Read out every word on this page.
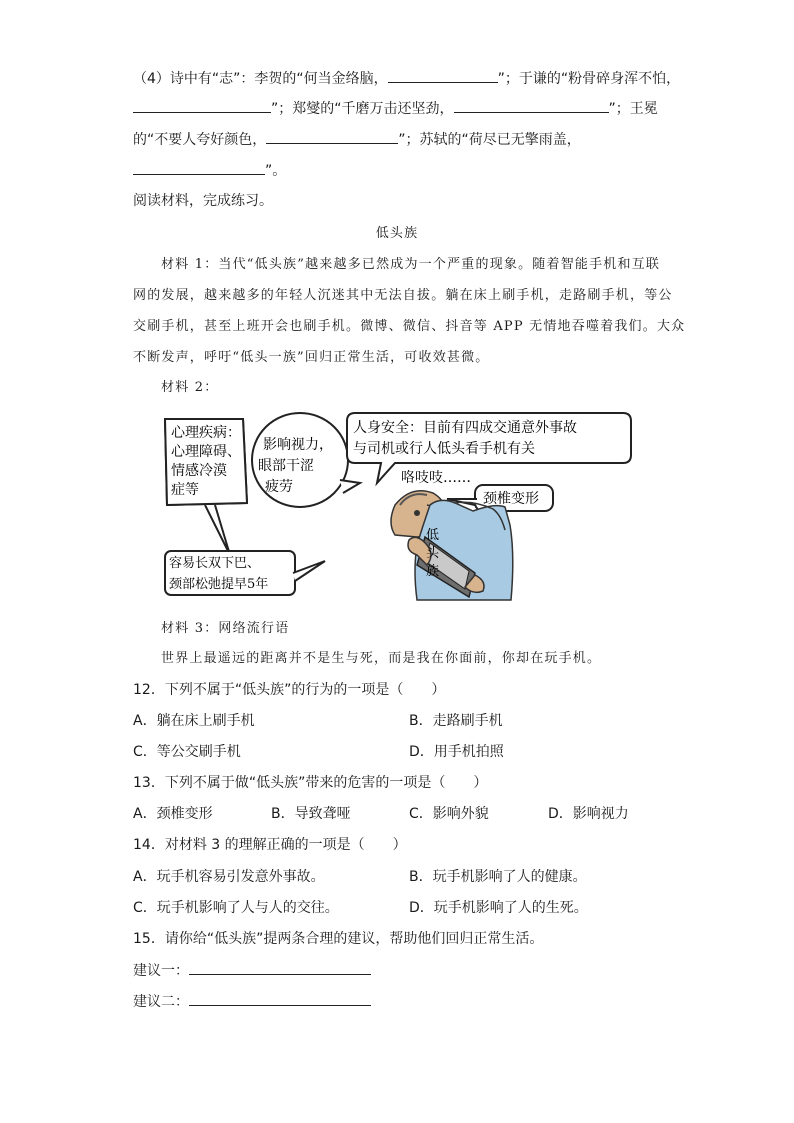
（4）诗中有“志”：李贺的“何当金络脑，	”；于谦的“粉骨碎身浑不怕，
”；郑燮的“千磨万击还坚劲，	”；王冕
的“不要人夸好颜色，	”；苏轼的“荷尽已无擎雨盖，
”。
阅读材料，完成练习。
低头族
材料 1：当代“低头族”越来越多已然成为一个严重的现象。随着智能手机和互联
网的发展，越来越多的年轻人沉迷其中无法自拔。躺在床上刷手机，走路刷手机，等公
交刷手机，甚至上班开会也刷手机。微博、微信、抖音等 APP 无情地吞噬着我们。大众
不断发声，呼吁“低头一族”回归正常生活，可收效甚微。
材料 2：
心理疾病：
心理障碍、
情感冷漠
症等
影响视力，
眼部干涩
疲劳
人身安全：目前有四成交通意外事故
与司机或行人低头看手机有关
咯吱吱……
颈椎变形
容易长双下巴、
颈部松弛提早5年
低
头
族
材料 3：网络流行语
世界上最遥远的距离并不是生与死，而是我在你面前，你却在玩手机。
12．下列不属于“低头族”的行为的一项是（　　）
A．躺在床上刷手机	B．走路刷手机
C．等公交刷手机	D．用手机拍照
13．下列不属于做“低头族”带来的危害的一项是（　　）
A．颈椎变形	B．导致聋哑	C．影响外貌	D．影响视力
14．对材料 3 的理解正确的一项是（　　）
A．玩手机容易引发意外事故。	B．玩手机影响了人的健康。
C．玩手机影响了人与人的交往。	D．玩手机影响了人的生死。
15．请你给“低头族”提两条合理的建议，帮助他们回归正常生活。
建议一：
建议二：
